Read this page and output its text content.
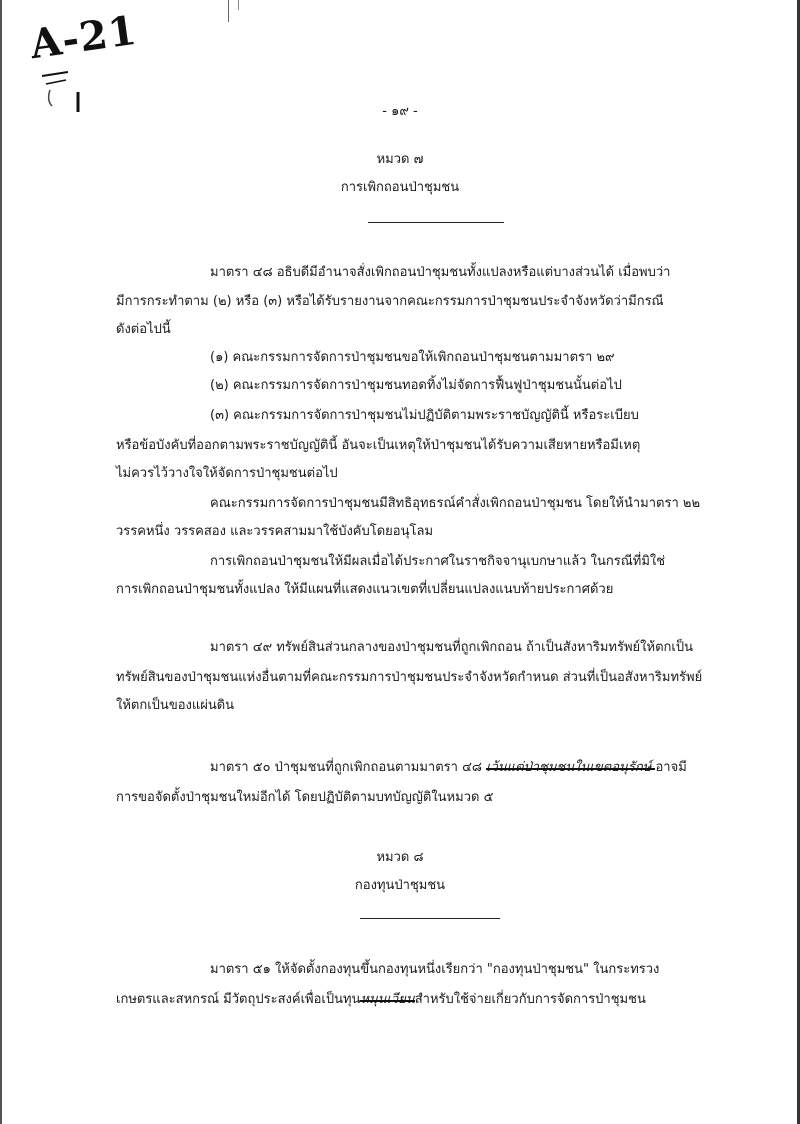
A-21
- ๑๙ -
หมวด ๗
การเพิกถอนป่าชุมชน
มาตรา ๔๘ อธิบดีมีอำนาจสั่งเพิกถอนป่าชุมชนทั้งแปลงหรือแต่บางส่วนได้ เมื่อพบว่า
มีการกระทำตาม (๒) หรือ (๓) หรือได้รับรายงานจากคณะกรรมการป่าชุมชนประจำจังหวัดว่ามีกรณี
ดังต่อไปนี้
(๑) คณะกรรมการจัดการป่าชุมชนขอให้เพิกถอนป่าชุมชนตามมาตรา ๒๙
(๒) คณะกรรมการจัดการป่าชุมชนทอดทิ้งไม่จัดการฟื้นฟูป่าชุมชนนั้นต่อไป
(๓) คณะกรรมการจัดการป่าชุมชนไม่ปฏิบัติตามพระราชบัญญัตินี้ หรือระเบียบ
หรือข้อบังคับที่ออกตามพระราชบัญญัตินี้ อันจะเป็นเหตุให้ป่าชุมชนได้รับความเสียหายหรือมีเหตุ
ไม่ควรไว้วางใจให้จัดการป่าชุมชนต่อไป
คณะกรรมการจัดการป่าชุมชนมีสิทธิอุทธรณ์คำสั่งเพิกถอนป่าชุมชน โดยให้นำมาตรา ๒๒
วรรคหนึ่ง วรรคสอง และวรรคสามมาใช้บังคับโดยอนุโลม
การเพิกถอนป่าชุมชนให้มีผลเมื่อได้ประกาศในราชกิจจานุเบกษาแล้ว ในกรณีที่มิใช่
การเพิกถอนป่าชุมชนทั้งแปลง ให้มีแผนที่แสดงแนวเขตที่เปลี่ยนแปลงแนบท้ายประกาศด้วย
มาตรา ๔๙ ทรัพย์สินส่วนกลางของป่าชุมชนที่ถูกเพิกถอน ถ้าเป็นสังหาริมทรัพย์ให้ตกเป็น
ทรัพย์สินของป่าชุมชนแห่งอื่นตามที่คณะกรรมการป่าชุมชนประจำจังหวัดกำหนด ส่วนที่เป็นอสังหาริมทรัพย์
ให้ตกเป็นของแผ่นดิน
มาตรา ๕๐ ป่าชุมชนที่ถูกเพิกถอนตามมาตรา ๔๘	อาจมี
การขอจัดตั้งป่าชุมชนใหม่อีกได้ โดยปฏิบัติตามบทบัญญัติในหมวด ๕
หมวด ๘
กองทุนป่าชุมชน
มาตรา ๕๑ ให้จัดตั้งกองทุนขึ้นกองทุนหนึ่งเรียกว่า "กองทุนป่าชุมชน" ในกระทรวง
เกษตรและสหกรณ์ มีวัตถุประสงค์เพื่อเป็นทุน	สำหรับใช้จ่ายเกี่ยวกับการจัดการป่าชุมชน
